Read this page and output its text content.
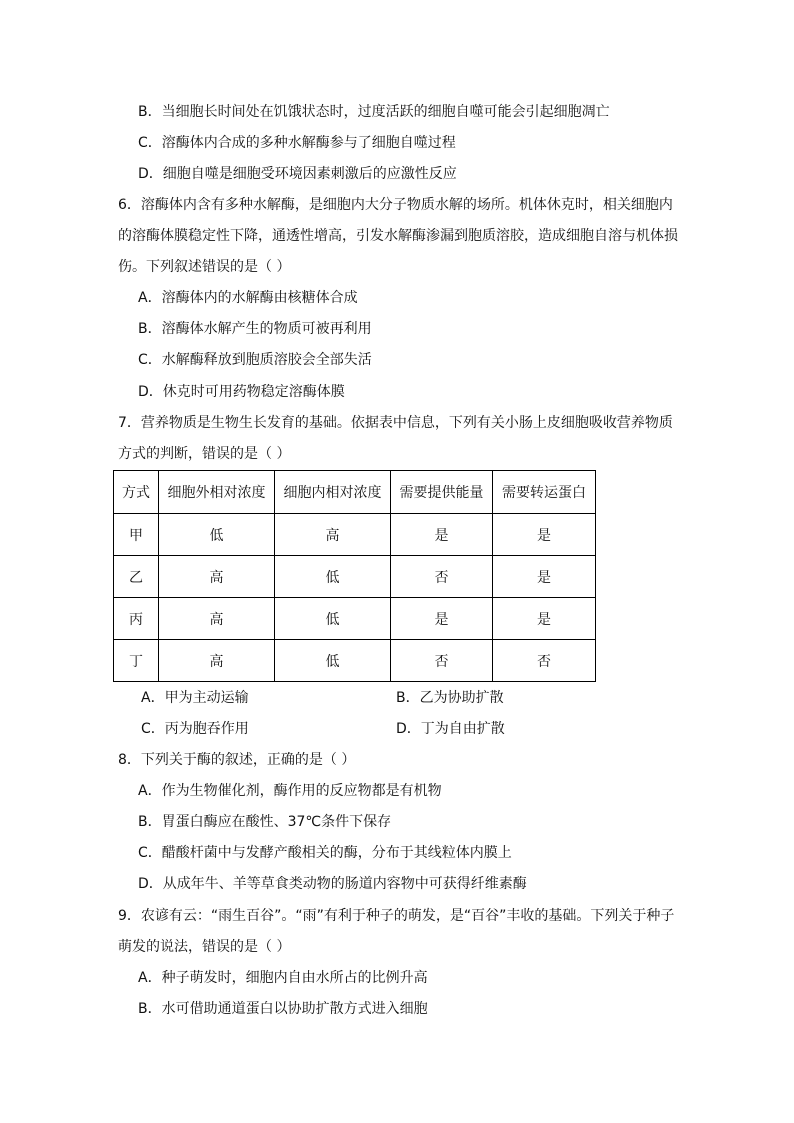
B．当细胞长时间处在饥饿状态时，过度活跃的细胞自噬可能会引起细胞凋亡
C．溶酶体内合成的多种水解酶参与了细胞自噬过程
D．细胞自噬是细胞受环境因素刺激后的应激性反应
6．溶酶体内含有多种水解酶，是细胞内大分子物质水解的场所。机体休克时，相关细胞内
的溶酶体膜稳定性下降，通透性增高，引发水解酶渗漏到胞质溶胶，造成细胞自溶与机体损
伤。下列叙述错误的是（ ）
A．溶酶体内的水解酶由核糖体合成
B．溶酶体水解产生的物质可被再利用
C．水解酶释放到胞质溶胶会全部失活
D．休克时可用药物稳定溶酶体膜
7．营养物质是生物生长发育的基础。依据表中信息，下列有关小肠上皮细胞吸收营养物质
方式的判断，错误的是（ ）
方式	细胞外相对浓度	细胞内相对浓度	需要提供能量	需要转运蛋白
甲	低	高	是	是
乙	高	低	否	是
丙	高	低	是	是
丁	高	低	否	否
A．甲为主动运输	B．乙为协助扩散
C．丙为胞吞作用	D．丁为自由扩散
8．下列关于酶的叙述，正确的是（ ）
A．作为生物催化剂，酶作用的反应物都是有机物
B．胃蛋白酶应在酸性、37℃条件下保存
C．醋酸杆菌中与发酵产酸相关的酶，分布于其线粒体内膜上
D．从成年牛、羊等草食类动物的肠道内容物中可获得纤维素酶
9．农谚有云：“雨生百谷”。“雨”有利于种子的萌发，是“百谷”丰收的基础。下列关于种子
萌发的说法，错误的是（ ）
A．种子萌发时，细胞内自由水所占的比例升高
B．水可借助通道蛋白以协助扩散方式进入细胞
